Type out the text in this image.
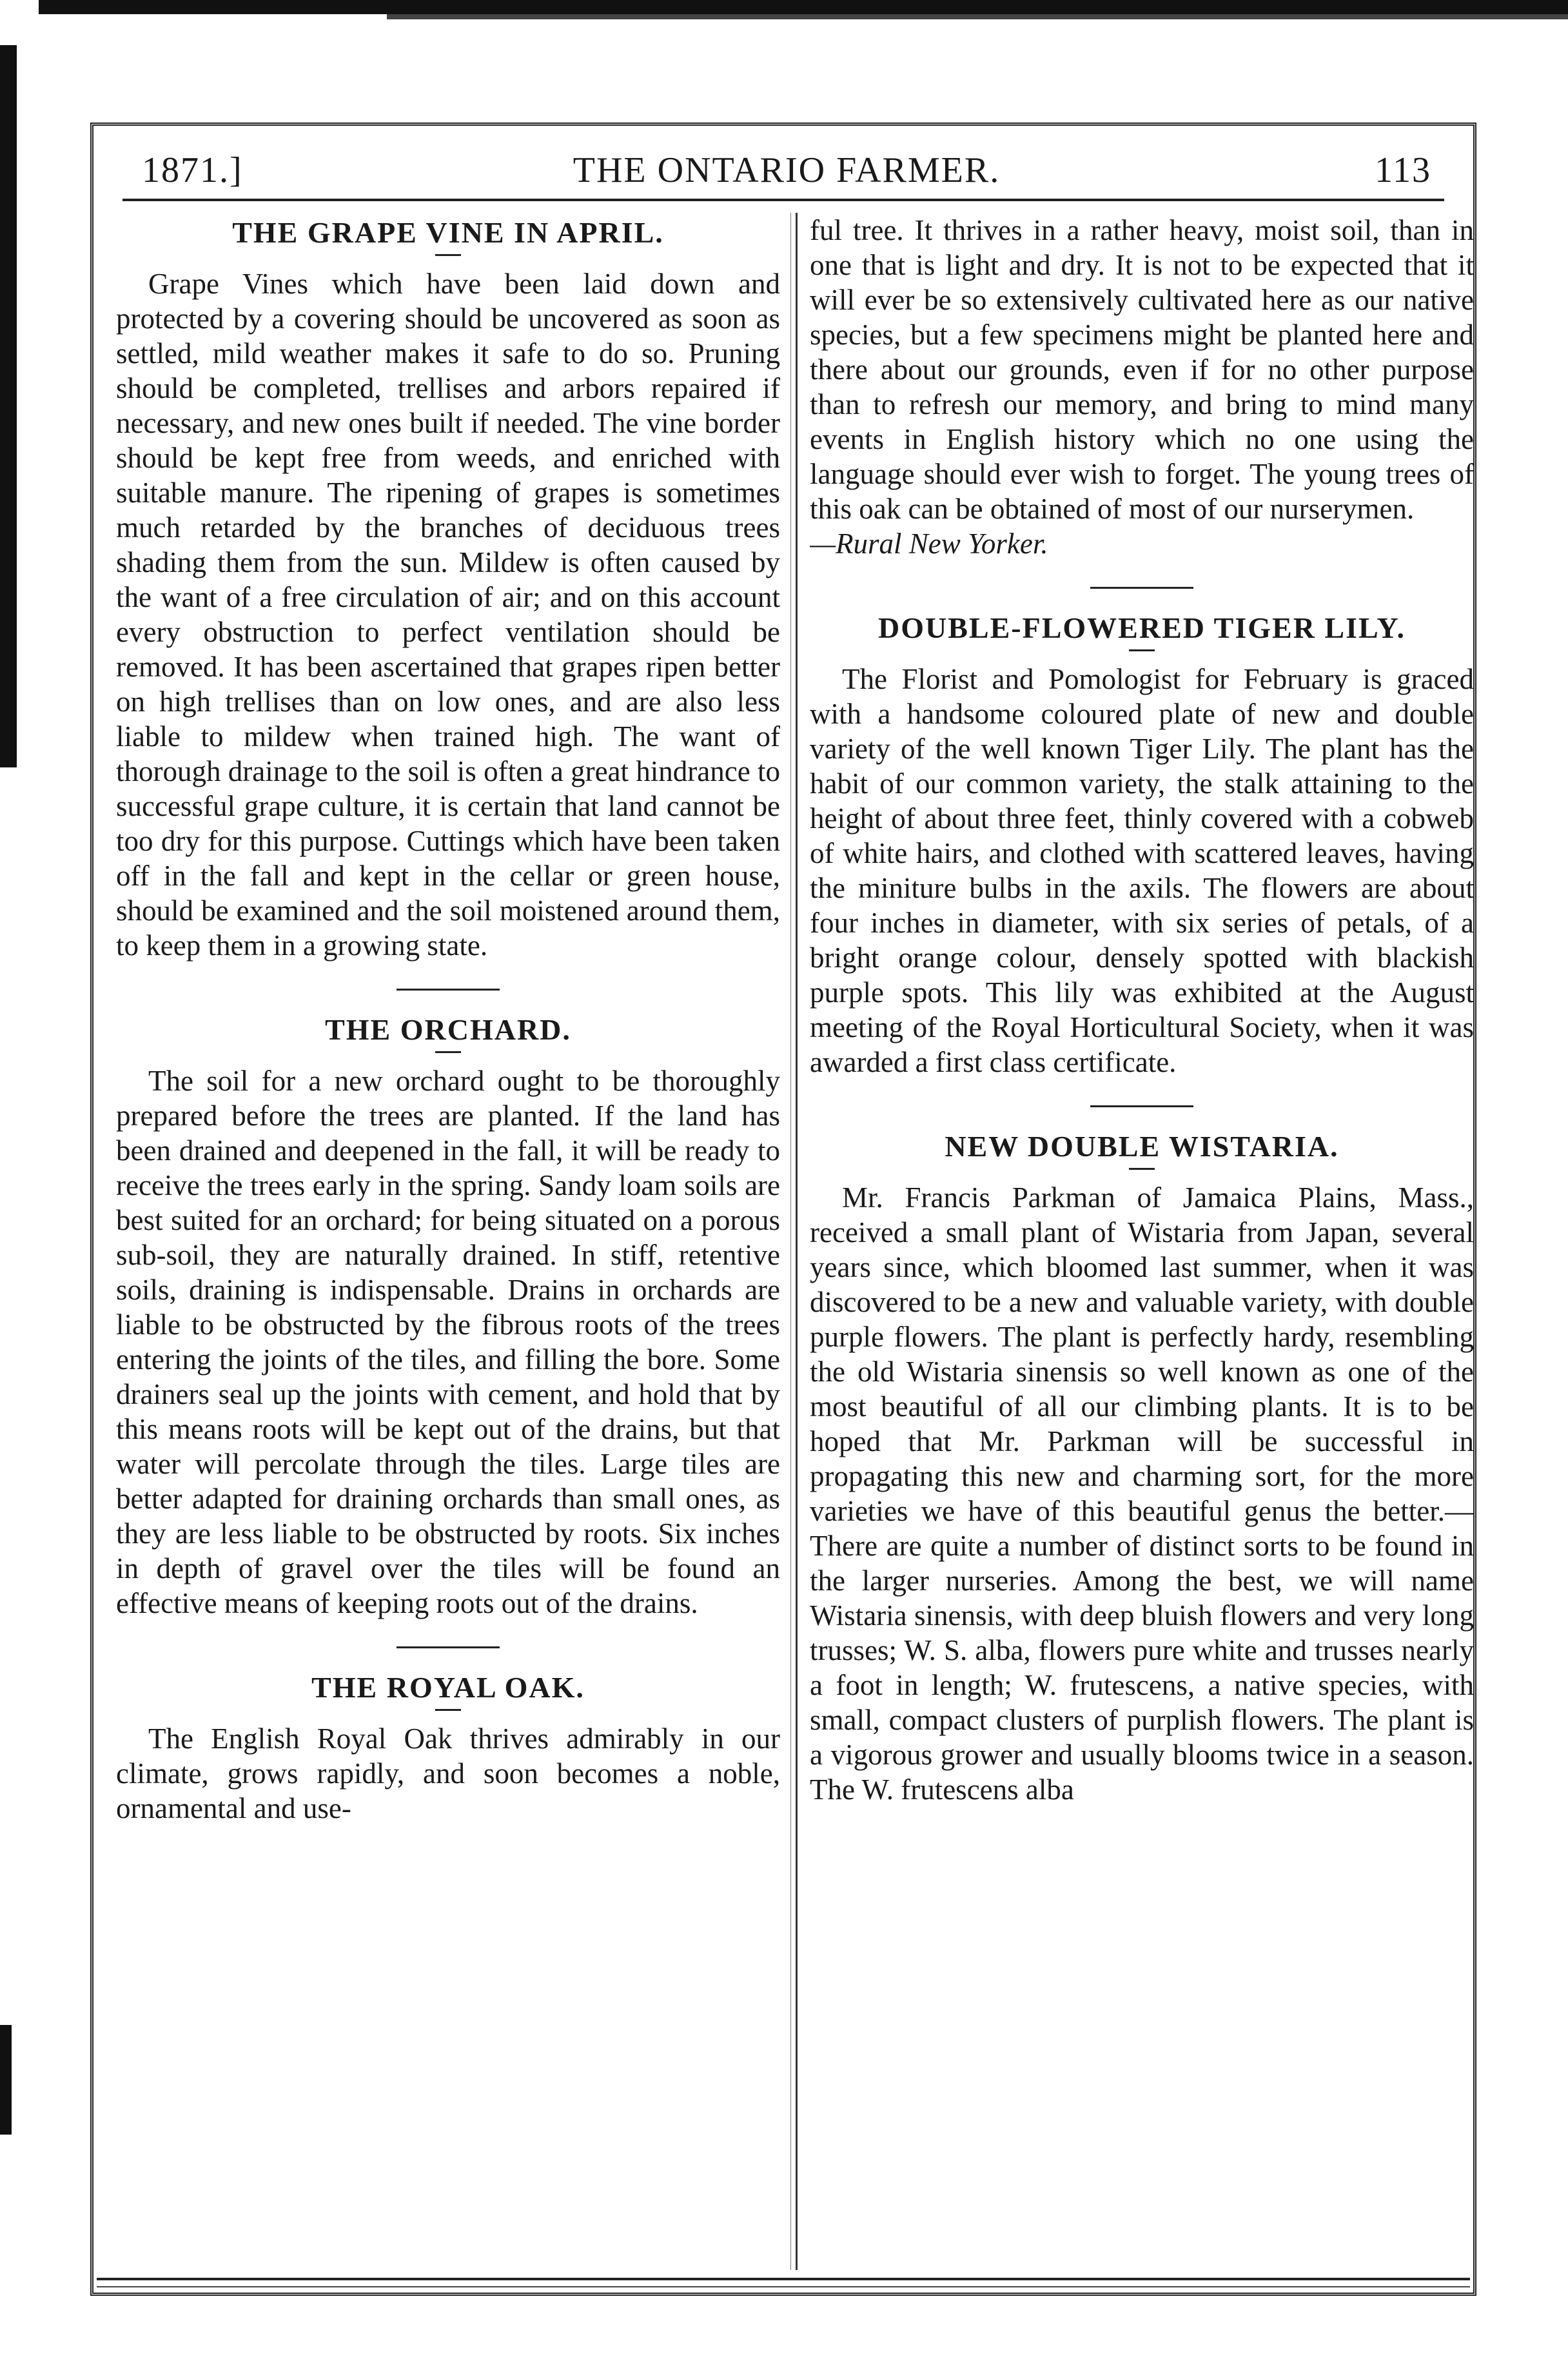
1871.]	THE ONTARIO FARMER.	113
THE GRAPE VINE IN APRIL.

Grape Vines which have been laid down and protected by a covering should be uncovered as soon as settled, mild weather makes it safe to do so. Pruning should be completed, trellises and arbors repaired if necessary, and new ones built if needed. The vine border should be kept free from weeds, and enriched with suitable manure. The ripening of grapes is sometimes much retarded by the branches of deciduous trees shading them from the sun. Mildew is often caused by the want of a free circulation of air; and on this account every obstruction to perfect ventilation should be removed. It has been ascertained that grapes ripen better on high trellises than on low ones, and are also less liable to mildew when trained high. The want of thorough drainage to the soil is often a great hindrance to successful grape culture, it is certain that land cannot be too dry for this purpose. Cuttings which have been taken off in the fall and kept in the cellar or green house, should be examined and the soil moistened around them, to keep them in a growing state.

THE ORCHARD.

The soil for a new orchard ought to be thoroughly prepared before the trees are planted. If the land has been drained and deepened in the fall, it will be ready to receive the trees early in the spring. Sandy loam soils are best suited for an orchard; for being situated on a porous sub-soil, they are naturally drained. In stiff, retentive soils, draining is indispensable. Drains in orchards are liable to be obstructed by the fibrous roots of the trees entering the joints of the tiles, and filling the bore. Some drainers seal up the joints with cement, and hold that by this means roots will be kept out of the drains, but that water will percolate through the tiles. Large tiles are better adapted for draining orchards than small ones, as they are less liable to be obstructed by roots. Six inches in depth of gravel over the tiles will be found an effective means of keeping roots out of the drains.

THE ROYAL OAK.

The English Royal Oak thrives admirably in our climate, grows rapidly, and soon becomes a noble, ornamental and use-

ful tree. It thrives in a rather heavy, moist soil, than in one that is light and dry. It is not to be expected that it will ever be so extensively cultivated here as our native species, but a few specimens might be planted here and there about our grounds, even if for no other purpose than to refresh our memory, and bring to mind many events in English history which no one using the language should ever wish to forget. The young trees of this oak can be obtained of most of our nurserymen.

—Rural New Yorker.

DOUBLE-FLOWERED TIGER LILY.

The Florist and Pomologist for February is graced with a handsome coloured plate of new and double variety of the well known Tiger Lily. The plant has the habit of our common variety, the stalk attaining to the height of about three feet, thinly covered with a cobweb of white hairs, and clothed with scattered leaves, having the miniture bulbs in the axils. The flowers are about four inches in diameter, with six series of petals, of a bright orange colour, densely spotted with blackish purple spots. This lily was exhibited at the August meeting of the Royal Horticultural Society, when it was awarded a first class certificate.

NEW DOUBLE WISTARIA.

Mr. Francis Parkman of Jamaica Plains, Mass., received a small plant of Wistaria from Japan, several years since, which bloomed last summer, when it was discovered to be a new and valuable variety, with double purple flowers. The plant is perfectly hardy, resembling the old Wistaria sinensis so well known as one of the most beautiful of all our climbing plants. It is to be hoped that Mr. Parkman will be successful in propagating this new and charming sort, for the more varieties we have of this beautiful genus the better.— There are quite a number of distinct sorts to be found in the larger nurseries. Among the best, we will name Wistaria sinensis, with deep bluish flowers and very long trusses; W. S. alba, flowers pure white and trusses nearly a foot in length; W. frutescens, a native species, with small, compact clusters of purplish flowers. The plant is a vigorous grower and usually blooms twice in a season. The W. frutescens alba
